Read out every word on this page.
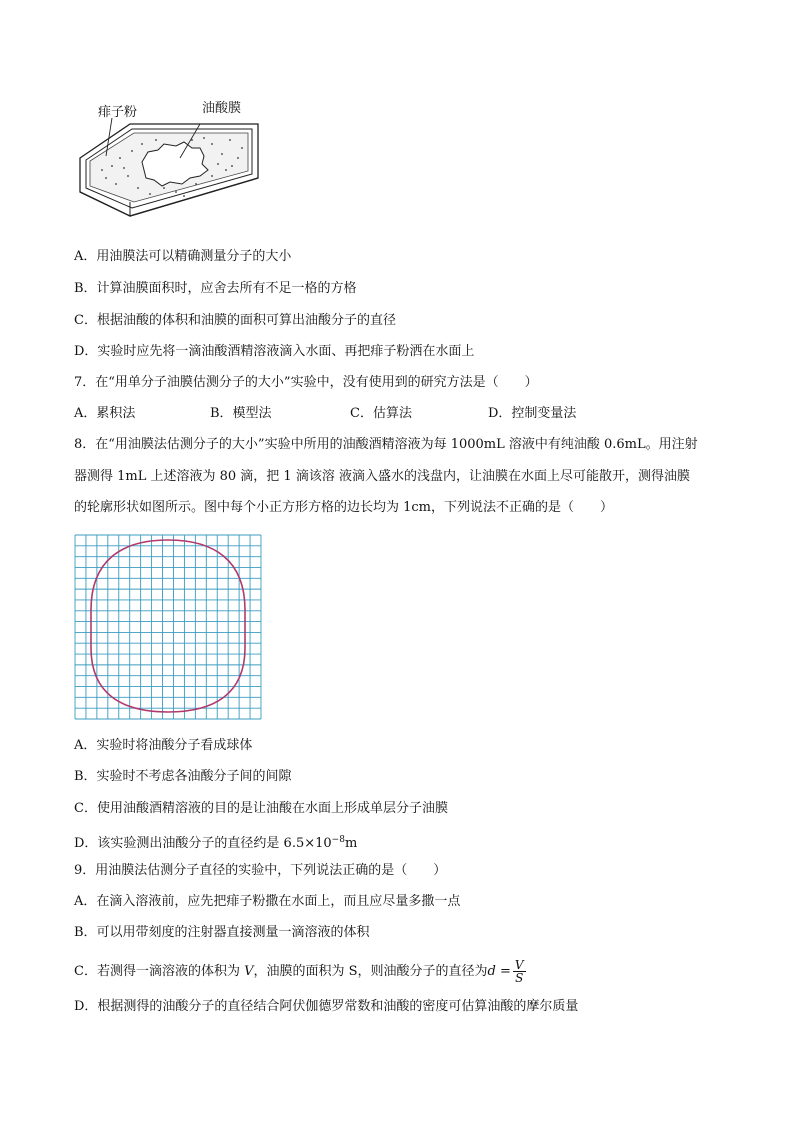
痱子粉	油酸膜
A．用油膜法可以精确测量分子的大小
B．计算油膜面积时，应舍去所有不足一格的方格
C．根据油酸的体积和油膜的面积可算出油酸分子的直径
D．实验时应先将一滴油酸酒精溶液滴入水面、再把痱子粉洒在水面上
7．在“用单分子油膜估测分子的大小”实验中，没有使用到的研究方法是（　　）
A．累积法	B．模型法	C．估算法	D．控制变量法
8．在“用油膜法估测分子的大小”实验中所用的油酸酒精溶液为每 1000mL 溶液中有纯油酸 0.6mL。用注射
器测得 1mL 上述溶液为 80 滴，把 1 滴该溶 液滴入盛水的浅盘内，让油膜在水面上尽可能散开，测得油膜
的轮廓形状如图所示。图中每个小正方形方格的边长均为 1cm，下列说法不正确的是（　　）
A．实验时将油酸分子看成球体
B．实验时不考虑各油酸分子间的间隙
C．使用油酸酒精溶液的目的是让油酸在水面上形成单层分子油膜
D．该实验测出油酸分子的直径约是 $6.5\times 10^{-8}m$
9．用油膜法估测分子直径的实验中，下列说法正确的是（　　）
A．在滴入溶液前，应先把痱子粉撒在水面上，而且应尽量多撒一点
B．可以用带刻度的注射器直接测量一滴溶液的体积
C．若测得一滴溶液的体积为 V，油膜的面积为 S，则油酸分子的直径为$d = \frac{V}{S}$
D．根据测得的油酸分子的直径结合阿伏伽德罗常数和油酸的密度可估算油酸的摩尔质量
